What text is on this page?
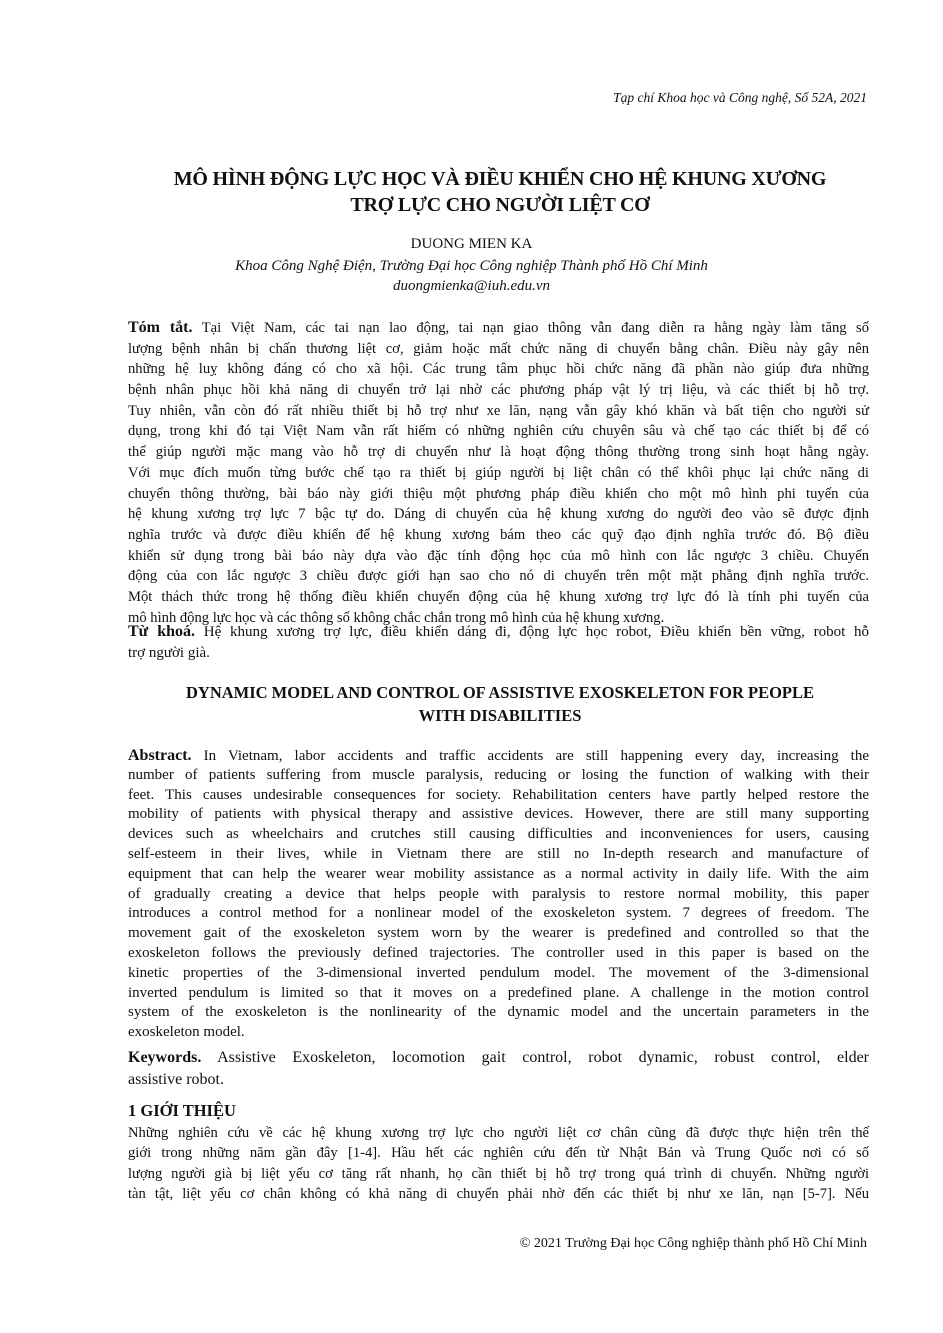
Tạp chí Khoa học và Công nghệ, Số 52A, 2021
MÔ HÌNH ĐỘNG LỰC HỌC VÀ ĐIỀU KHIỂN CHO HỆ KHUNG XƯƠNG
TRỢ LỰC CHO NGƯỜI LIỆT CƠ
DUONG MIEN KA
Khoa Công Nghệ Điện, Trường Đại học Công nghiệp Thành phố Hồ Chí Minh
duongmienka@iuh.edu.vn
Tóm tắt. Tại Việt Nam, các tai nạn lao động, tai nạn giao thông vẫn đang diễn ra hằng ngày làm tăng số
lượng bệnh nhân bị chấn thương liệt cơ, giảm hoặc mất chức năng di chuyển bằng chân. Điều này gây nên
những hệ luỵ không đáng có cho xã hội. Các trung tâm phục hồi chức năng đã phần nào giúp đưa những
bệnh nhân phục hồi khả năng di chuyển trở lại nhờ các phương pháp vật lý trị liệu, và các thiết bị hỗ trợ.
Tuy nhiên, vẫn còn đó rất nhiều thiết bị hỗ trợ như xe lăn, nạng vẫn gây khó khăn và bất tiện cho người sử
dụng, trong khi đó tại Việt Nam vẫn rất hiếm có những nghiên cứu chuyên sâu và chế tạo các thiết bị để có
thể giúp người mặc mang vào hỗ trợ di chuyển như là hoạt động thông thường trong sinh hoạt hằng ngày.
Với mục đích muốn từng bước chế tạo ra thiết bị giúp người bị liệt chân có thể khôi phục lại chức năng di
chuyển thông thường, bài báo này giới thiệu một phương pháp điều khiển cho một mô hình phi tuyến của
hệ khung xương trợ lực 7 bậc tự do. Dáng di chuyển của hệ khung xương do người đeo vào sẽ được định
nghĩa trước và được điều khiển để hệ khung xương bám theo các quỹ đạo định nghĩa trước đó. Bộ điều
khiển sử dụng trong bài báo này dựa vào đặc tính động học của mô hình con lắc ngược 3 chiều. Chuyển
động của con lắc ngược 3 chiều được giới hạn sao cho nó di chuyển trên một mặt phẳng định nghĩa trước.
Một thách thức trong hệ thống điều khiển chuyển động của hệ khung xương trợ lực đó là tính phi tuyến của
mô hình động lực học và các thông số không chắc chắn trong mô hình của hệ khung xương.
Từ khoá. Hệ khung xương trợ lực, điều khiển dáng đi, động lực học robot, Điều khiển bền vững, robot hỗ
trợ người già.
DYNAMIC MODEL AND CONTROL OF ASSISTIVE EXOSKELETON FOR PEOPLE
WITH DISABILITIES
Abstract. In Vietnam, labor accidents and traffic accidents are still happening every day, increasing the
number of patients suffering from muscle paralysis, reducing or losing the function of walking with their
feet. This causes undesirable consequences for society. Rehabilitation centers have partly helped restore the
mobility of patients with physical therapy and assistive devices. However, there are still many supporting
devices such as wheelchairs and crutches still causing difficulties and inconveniences for users, causing
self-esteem in their lives, while in Vietnam there are still no In-depth research and manufacture of
equipment that can help the wearer wear mobility assistance as a normal activity in daily life. With the aim
of gradually creating a device that helps people with paralysis to restore normal mobility, this paper
introduces a control method for a nonlinear model of the exoskeleton system. 7 degrees of freedom. The
movement gait of the exoskeleton system worn by the wearer is predefined and controlled so that the
exoskeleton follows the previously defined trajectories. The controller used in this paper is based on the
kinetic properties of the 3-dimensional inverted pendulum model. The movement of the 3-dimensional
inverted pendulum is limited so that it moves on a predefined plane. A challenge in the motion control
system of the exoskeleton is the nonlinearity of the dynamic model and the uncertain parameters in the
exoskeleton model.
Keywords. Assistive Exoskeleton, locomotion gait control, robot dynamic, robust control, elder
assistive robot.
1 GIỚI THIỆU
Những nghiên cứu về các hệ khung xương trợ lực cho người liệt cơ chân cũng đã được thực hiện trên thế
giới trong những năm gần đây [1-4]. Hầu hết các nghiên cứu đến từ Nhật Bản và Trung Quốc nơi có số
lượng người già bị liệt yếu cơ tăng rất nhanh, họ cần thiết bị hỗ trợ trong quá trình di chuyển. Những người
tàn tật, liệt yếu cơ chân không có khả năng di chuyển phải nhờ đến các thiết bị như xe lăn, nạn [5-7]. Nếu
© 2021 Trường Đại học Công nghiệp thành phố Hồ Chí Minh
